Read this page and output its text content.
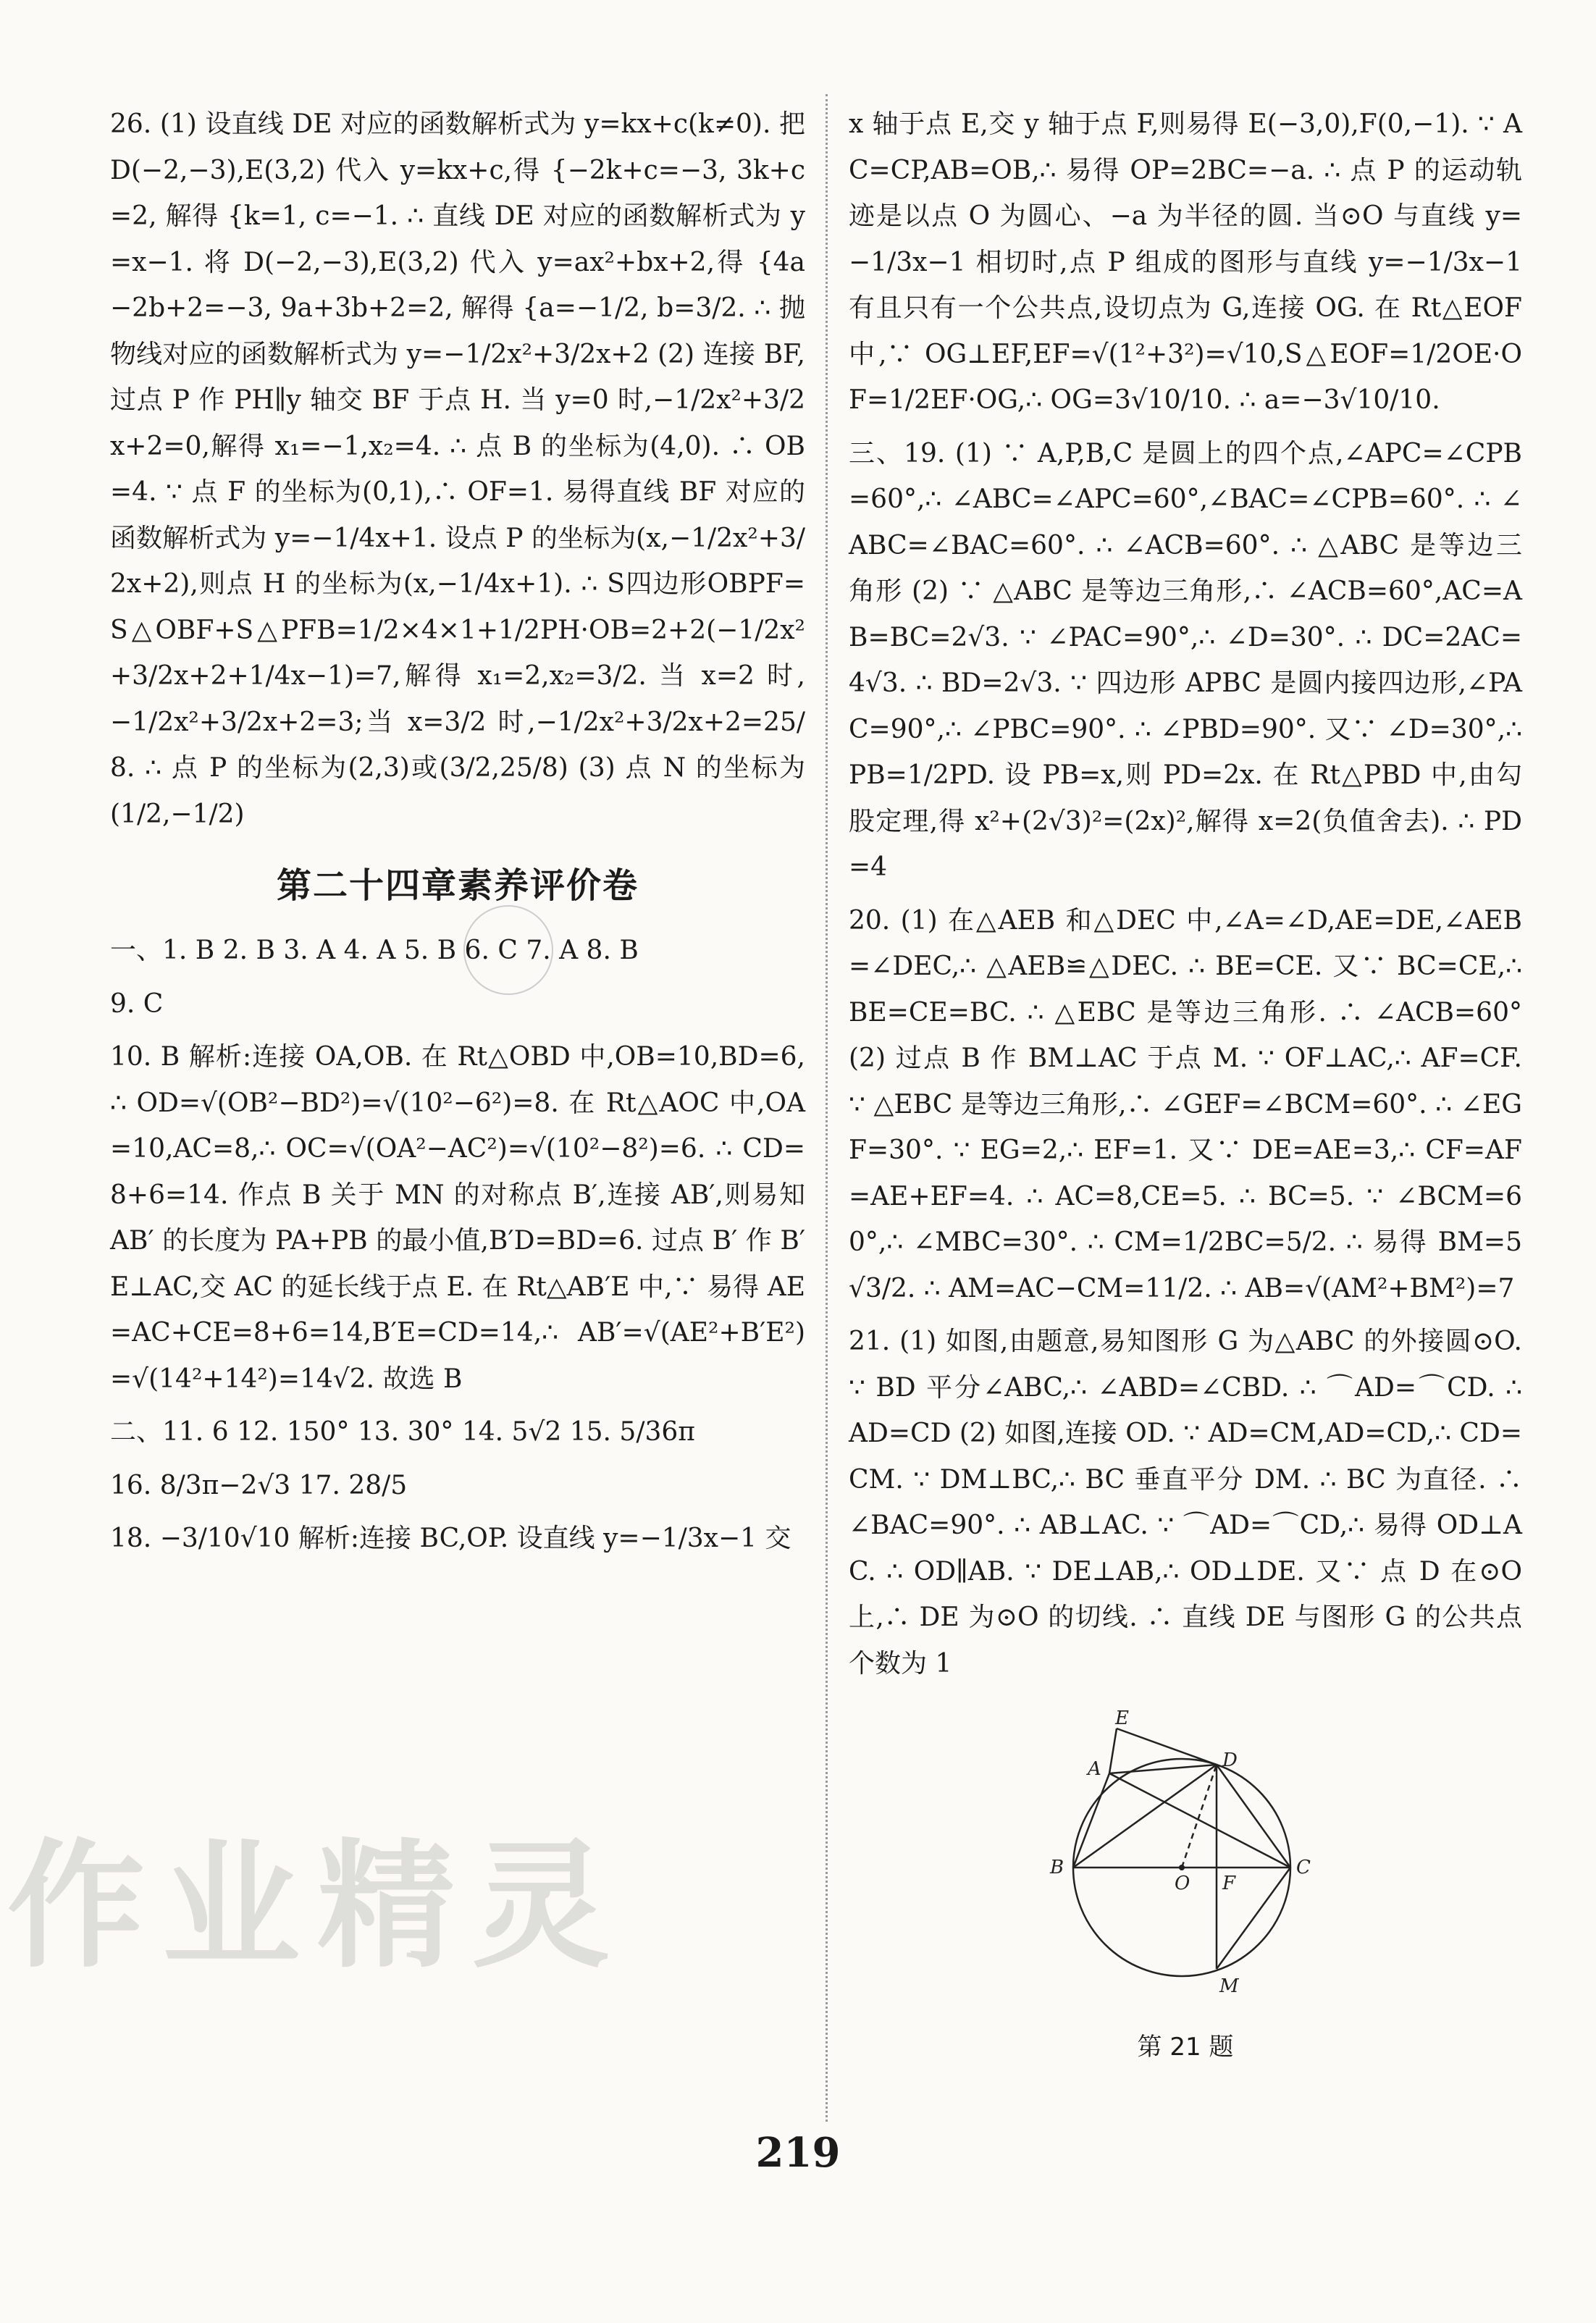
26. (1) 设直线 DE 对应的函数解析式为 y=kx+c(k≠0). 把 D(−2,−3),E(3,2) 代入 y=kx+c,得 {−2k+c=−3, 3k+c=2, 解得 {k=1, c=−1. ∴ 直线 DE 对应的函数解析式为 y=x−1. 将 D(−2,−3),E(3,2) 代入 y=ax²+bx+2,得 {4a−2b+2=−3, 9a+3b+2=2, 解得 {a=−1/2, b=3/2. ∴ 抛物线对应的函数解析式为 y=−1/2x²+3/2x+2 (2) 连接 BF,过点 P 作 PH∥y 轴交 BF 于点 H. 当 y=0 时,−1/2x²+3/2x+2=0,解得 x₁=−1,x₂=4. ∴ 点 B 的坐标为(4,0). ∴ OB=4. ∵ 点 F 的坐标为(0,1),∴ OF=1. 易得直线 BF 对应的函数解析式为 y=−1/4x+1. 设点 P 的坐标为(x,−1/2x²+3/2x+2),则点 H 的坐标为(x,−1/4x+1). ∴ S四边形OBPF=S△OBF+S△PFB=1/2×4×1+1/2PH·OB=2+2(−1/2x²+3/2x+2+1/4x−1)=7,解得 x₁=2,x₂=3/2. 当 x=2 时,−1/2x²+3/2x+2=3;当 x=3/2 时,−1/2x²+3/2x+2=25/8. ∴ 点 P 的坐标为(2,3)或(3/2,25/8) (3) 点 N 的坐标为(1/2,−1/2)

第二十四章素养评价卷

一、1. B 2. B 3. A 4. A 5. B 6. C 7. A 8. B

9. C

10. B 解析:连接 OA,OB. 在 Rt△OBD 中,OB=10,BD=6,∴ OD=√(OB²−BD²)=√(10²−6²)=8. 在 Rt△AOC 中,OA=10,AC=8,∴ OC=√(OA²−AC²)=√(10²−8²)=6. ∴ CD=8+6=14. 作点 B 关于 MN 的对称点 B′,连接 AB′,则易知 AB′ 的长度为 PA+PB 的最小值,B′D=BD=6. 过点 B′ 作 B′E⊥AC,交 AC 的延长线于点 E. 在 Rt△AB′E 中,∵ 易得 AE=AC+CE=8+6=14,B′E=CD=14,∴ AB′=√(AE²+B′E²)=√(14²+14²)=14√2. 故选 B

二、11. 6 12. 150° 13. 30° 14. 5√2 15. 5/36π

16. 8/3π−2√3 17. 28/5

18. −3/10√10 解析:连接 BC,OP. 设直线 y=−1/3x−1 交

x 轴于点 E,交 y 轴于点 F,则易得 E(−3,0),F(0,−1). ∵ AC=CP,AB=OB,∴ 易得 OP=2BC=−a. ∴ 点 P 的运动轨迹是以点 O 为圆心、−a 为半径的圆. 当⊙O 与直线 y=−1/3x−1 相切时,点 P 组成的图形与直线 y=−1/3x−1 有且只有一个公共点,设切点为 G,连接 OG. 在 Rt△EOF 中,∵ OG⊥EF,EF=√(1²+3²)=√10,S△EOF=1/2OE·OF=1/2EF·OG,∴ OG=3√10/10. ∴ a=−3√10/10.

三、19. (1) ∵ A,P,B,C 是圆上的四个点,∠APC=∠CPB=60°,∴ ∠ABC=∠APC=60°,∠BAC=∠CPB=60°. ∴ ∠ABC=∠BAC=60°. ∴ ∠ACB=60°. ∴ △ABC 是等边三角形 (2) ∵ △ABC 是等边三角形,∴ ∠ACB=60°,AC=AB=BC=2√3. ∵ ∠PAC=90°,∴ ∠D=30°. ∴ DC=2AC=4√3. ∴ BD=2√3. ∵ 四边形 APBC 是圆内接四边形,∠PAC=90°,∴ ∠PBC=90°. ∴ ∠PBD=90°. 又∵ ∠D=30°,∴ PB=1/2PD. 设 PB=x,则 PD=2x. 在 Rt△PBD 中,由勾股定理,得 x²+(2√3)²=(2x)²,解得 x=2(负值舍去). ∴ PD=4

20. (1) 在△AEB 和△DEC 中,∠A=∠D,AE=DE,∠AEB=∠DEC,∴ △AEB≌△DEC. ∴ BE=CE. 又∵ BC=CE,∴ BE=CE=BC. ∴ △EBC 是等边三角形. ∴ ∠ACB=60° (2) 过点 B 作 BM⊥AC 于点 M. ∵ OF⊥AC,∴ AF=CF. ∵ △EBC 是等边三角形,∴ ∠GEF=∠BCM=60°. ∴ ∠EGF=30°. ∵ EG=2,∴ EF=1. 又∵ DE=AE=3,∴ CF=AF=AE+EF=4. ∴ AC=8,CE=5. ∴ BC=5. ∵ ∠BCM=60°,∴ ∠MBC=30°. ∴ CM=1/2BC=5/2. ∴ 易得 BM=5√3/2. ∴ AM=AC−CM=11/2. ∴ AB=√(AM²+BM²)=7

21. (1) 如图,由题意,易知图形 G 为△ABC 的外接圆⊙O. ∵ BD 平分∠ABC,∴ ∠ABD=∠CBD. ∴ ⌒AD=⌒CD. ∴ AD=CD (2) 如图,连接 OD. ∵ AD=CM,AD=CD,∴ CD=CM. ∵ DM⊥BC,∴ BC 垂直平分 DM. ∴ BC 为直径. ∴ ∠BAC=90°. ∴ AB⊥AC. ∵ ⌒AD=⌒CD,∴ 易得 OD⊥AC. ∴ OD∥AB. ∵ DE⊥AB,∴ OD⊥DE. 又∵ 点 D 在⊙O 上,∴ DE 为⊙O 的切线. ∴ 直线 DE 与图形 G 的公共点个数为 1

E
A	D
B
O F
C
M
第 21 题
作业精灵
219
